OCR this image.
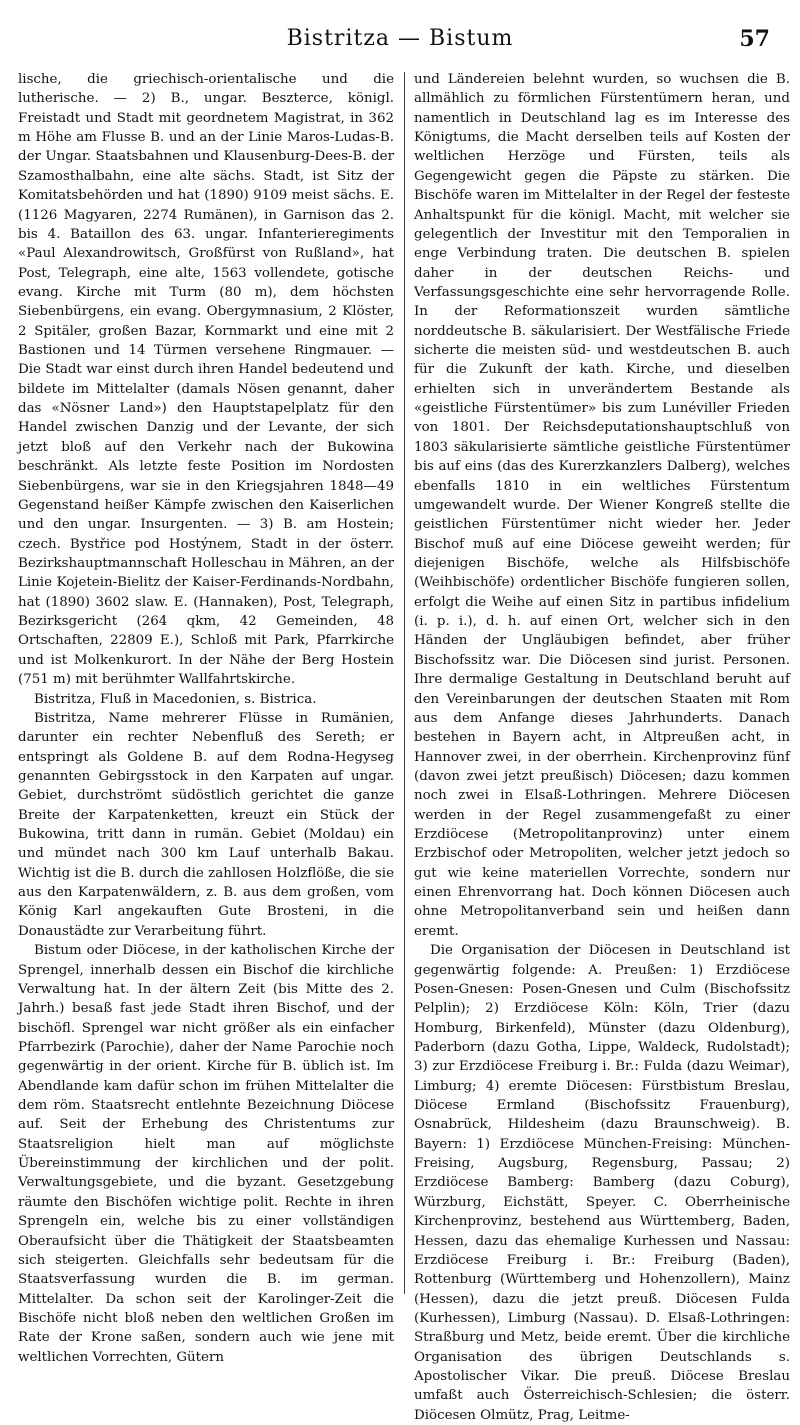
Bistritza — Bistum	57

lische, die griechisch-orientalische und die lutherische. — 2) B., ungar. Beszterce, königl. Freistadt und Stadt mit geordnetem Magistrat, in 362 m Höhe am Flusse B. und an der Linie Maros-Ludas-B. der Ungar. Staatsbahnen und Klausenburg-Dees-B. der Szamosthalbahn, eine alte sächs. Stadt, ist Sitz der Komitatsbehörden und hat (1890) 9109 meist sächs. E. (1126 Magyaren, 2274 Rumänen), in Garnison das 2. bis 4. Bataillon des 63. ungar. Infanterieregiments «Paul Alexandrowitsch, Großfürst von Rußland», hat Post, Telegraph, eine alte, 1563 vollendete, gotische evang. Kirche mit Turm (80 m), dem höchsten Siebenbürgens, ein evang. Obergymnasium, 2 Klöster, 2 Spitäler, großen Bazar, Kornmarkt und eine mit 2 Bastionen und 14 Türmen versehene Ringmauer. — Die Stadt war einst durch ihren Handel bedeutend und bildete im Mittelalter (damals Nösen genannt, daher das «Nösner Land») den Hauptstapelplatz für den Handel zwischen Danzig und der Levante, der sich jetzt bloß auf den Verkehr nach der Bukowina beschränkt. Als letzte feste Position im Nordosten Siebenbürgens, war sie in den Kriegsjahren 1848—49 Gegenstand heißer Kämpfe zwischen den Kaiserlichen und den ungar. Insurgenten. — 3) B. am Hostein; czech. Bystřice pod Hostýnem, Stadt in der österr. Bezirkshauptmannschaft Holleschau in Mähren, an der Linie Kojetein-Bielitz der Kaiser-Ferdinands-Nordbahn, hat (1890) 3602 slaw. E. (Hannaken), Post, Telegraph, Bezirksgericht (264 qkm, 42 Gemeinden, 48 Ortschaften, 22809 E.), Schloß mit Park, Pfarrkirche und ist Molkenkurort. In der Nähe der Berg Hostein (751 m) mit berühmter Wallfahrtskirche.

Bistritza, Fluß in Macedonien, s. Bistrica.

Bistritza, Name mehrerer Flüsse in Rumänien, darunter ein rechter Nebenfluß des Sereth; er entspringt als Goldene B. auf dem Rodna-Hegyseg genannten Gebirgsstock in den Karpaten auf ungar. Gebiet, durchströmt südöstlich gerichtet die ganze Breite der Karpatenketten, kreuzt ein Stück der Bukowina, tritt dann in rumän. Gebiet (Moldau) ein und mündet nach 300 km Lauf unterhalb Bakau. Wichtig ist die B. durch die zahllosen Holzflöße, die sie aus den Karpatenwäldern, z. B. aus dem großen, vom König Karl angekauften Gute Brosteni, in die Donaustädte zur Verarbeitung führt.

Bistum oder Diöcese, in der katholischen Kirche der Sprengel, innerhalb dessen ein Bischof die kirchliche Verwaltung hat. In der ältern Zeit (bis Mitte des 2. Jahrh.) besaß fast jede Stadt ihren Bischof, und der bischöfl. Sprengel war nicht größer als ein einfacher Pfarrbezirk (Parochie), daher der Name Parochie noch gegenwärtig in der orient. Kirche für B. üblich ist. Im Abendlande kam dafür schon im frühen Mittelalter die dem röm. Staatsrecht entlehnte Bezeichnung Diöcese auf. Seit der Erhebung des Christentums zur Staatsreligion hielt man auf möglichste Übereinstimmung der kirchlichen und der polit. Verwaltungsgebiete, und die byzant. Gesetzgebung räumte den Bischöfen wichtige polit. Rechte in ihren Sprengeln ein, welche bis zu einer vollständigen Oberaufsicht über die Thätigkeit der Staatsbeamten sich steigerten. Gleichfalls sehr bedeutsam für die Staatsverfassung wurden die B. im german. Mittelalter. Da schon seit der Karolinger-Zeit die Bischöfe nicht bloß neben den weltlichen Großen im Rate der Krone saßen, sondern auch wie jene mit weltlichen Vorrechten, Gütern

und Ländereien belehnt wurden, so wuchsen die B. allmählich zu förmlichen Fürstentümern heran, und namentlich in Deutschland lag es im Interesse des Königtums, die Macht derselben teils auf Kosten der weltlichen Herzöge und Fürsten, teils als Gegengewicht gegen die Päpste zu stärken. Die Bischöfe waren im Mittelalter in der Regel der festeste Anhaltspunkt für die königl. Macht, mit welcher sie gelegentlich der Investitur mit den Temporalien in enge Verbindung traten. Die deutschen B. spielen daher in der deutschen Reichs- und Verfassungsgeschichte eine sehr hervorragende Rolle. In der Reformationszeit wurden sämtliche norddeutsche B. säkularisiert. Der Westfälische Friede sicherte die meisten süd- und westdeutschen B. auch für die Zukunft der kath. Kirche, und dieselben erhielten sich in unverändertem Bestande als «geistliche Fürstentümer» bis zum Lunéviller Frieden von 1801. Der Reichsdeputationshauptschluß von 1803 säkularisierte sämtliche geistliche Fürstentümer bis auf eins (das des Kurerzkanzlers Dalberg), welches ebenfalls 1810 in ein weltliches Fürstentum umgewandelt wurde. Der Wiener Kongreß stellte die geistlichen Fürstentümer nicht wieder her. Jeder Bischof muß auf eine Diöcese geweiht werden; für diejenigen Bischöfe, welche als Hilfsbischöfe (Weihbischöfe) ordentlicher Bischöfe fungieren sollen, erfolgt die Weihe auf einen Sitz in partibus infidelium (i. p. i.), d. h. auf einen Ort, welcher sich in den Händen der Ungläubigen befindet, aber früher Bischofssitz war. Die Diöcesen sind jurist. Personen. Ihre dermalige Gestaltung in Deutschland beruht auf den Vereinbarungen der deutschen Staaten mit Rom aus dem Anfange dieses Jahrhunderts. Danach bestehen in Bayern acht, in Altpreußen acht, in Hannover zwei, in der oberrhein. Kirchenprovinz fünf (davon zwei jetzt preußisch) Diöcesen; dazu kommen noch zwei in Elsaß-Lothringen. Mehrere Diöcesen werden in der Regel zusammengefaßt zu einer Erzdiöcese (Metropolitanprovinz) unter einem Erzbischof oder Metropoliten, welcher jetzt jedoch so gut wie keine materiellen Vorrechte, sondern nur einen Ehrenvorrang hat. Doch können Diöcesen auch ohne Metropolitanverband sein und heißen dann eremt.

Die Organisation der Diöcesen in Deutschland ist gegenwärtig folgende: A. Preußen: 1) Erzdiöcese Posen-Gnesen: Posen-Gnesen und Culm (Bischofssitz Pelplin); 2) Erzdiöcese Köln: Köln, Trier (dazu Homburg, Birkenfeld), Münster (dazu Oldenburg), Paderborn (dazu Gotha, Lippe, Waldeck, Rudolstadt); 3) zur Erzdiöcese Freiburg i. Br.: Fulda (dazu Weimar), Limburg; 4) eremte Diöcesen: Fürstbistum Breslau, Diöcese Ermland (Bischofssitz Frauenburg), Osnabrück, Hildesheim (dazu Braunschweig). B. Bayern: 1) Erzdiöcese München-Freising: München-Freising, Augsburg, Regensburg, Passau; 2) Erzdiöcese Bamberg: Bamberg (dazu Coburg), Würzburg, Eichstätt, Speyer. C. Oberrheinische Kirchenprovinz, bestehend aus Württemberg, Baden, Hessen, dazu das ehemalige Kurhessen und Nassau: Erzdiöcese Freiburg i. Br.: Freiburg (Baden), Rottenburg (Württemberg und Hohenzollern), Mainz (Hessen), dazu die jetzt preuß. Diöcesen Fulda (Kurhessen), Limburg (Nassau). D. Elsaß-Lothringen: Straßburg und Metz, beide eremt. Über die kirchliche Organisation des übrigen Deutschlands s. Apostolischer Vikar. Die preuß. Diöcese Breslau umfaßt auch Österreichisch-Schlesien; die österr. Diöcesen Olmütz, Prag, Leitme-
